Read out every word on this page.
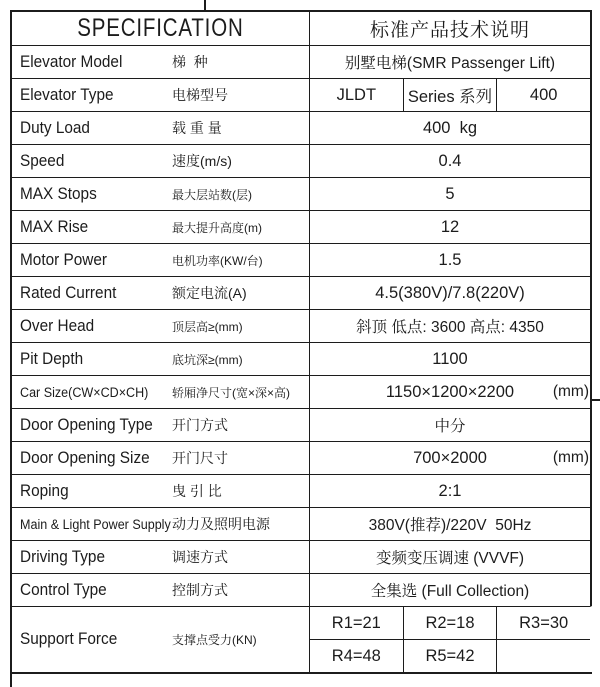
SPECIFICATION	标准产品技术说明
Elevator Model	梯  种	别墅电梯(SMR Passenger Lift)
Elevator Type	电梯型号	JLDT	Series 系列	400
Duty Load	载 重 量	400  kg
Speed	速度(m/s)	0.4
MAX Stops	最大层站数(层)	5
MAX Rise	最大提升高度(m)	12
Motor Power	电机功率(KW/台)	1.5
Rated Current	额定电流(A)	4.5(380V)/7.8(220V)
Over Head	顶层高≥(mm)	斜顶 低点: 3600 高点: 4350
Pit Depth	底坑深≥(mm)	1100
Car Size(CW×CD×CH) 轿厢净尺寸(宽×深×高)	1150×1200×2200	(mm)
Door Opening Type 开门方式	中分
Door Opening Size 开门尺寸	700×2000	(mm)
Roping	曳 引 比	2:1
Main & Light Power Supply 动力及照明电源	380V(推荐)/220V  50Hz
Driving Type	调速方式	变频变压调速 (VVVF)
Control Type	控制方式	全集选 (Full Collection)
Support Force	支撑点受力(KN)
R1=21	R2=18	R3=30
R4=48	R5=42
